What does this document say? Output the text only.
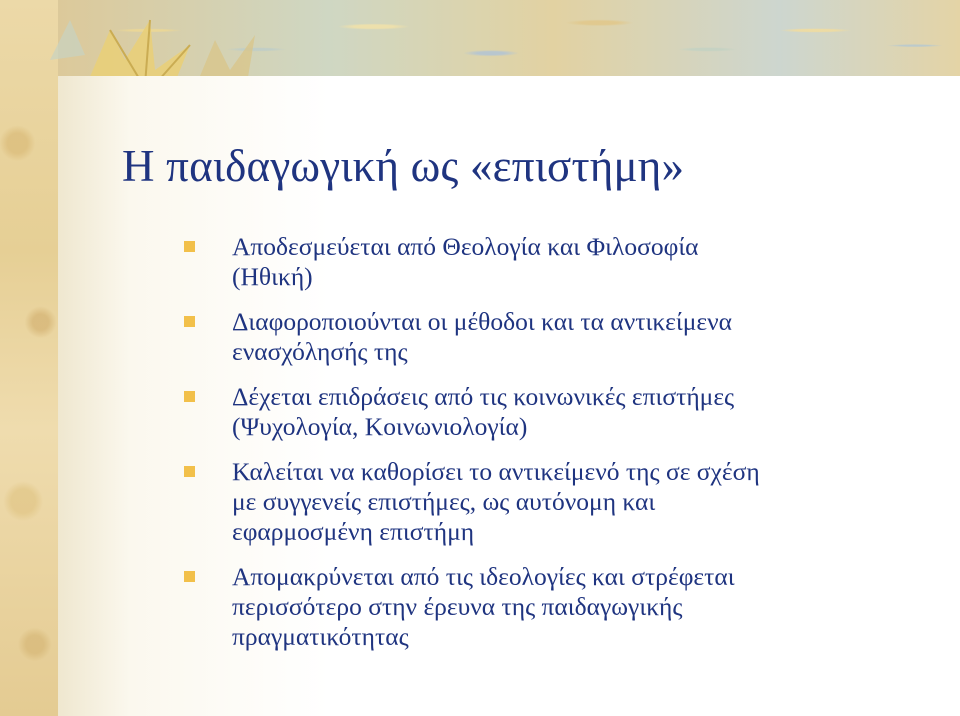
Η παιδαγωγική ως «επιστήμη»
Αποδεσμεύεται από Θεολογία και Φιλοσοφία
(Ηθική)
Διαφοροποιούνται οι μέθοδοι και τα αντικείμενα
ενασχόλησής της
Δέχεται επιδράσεις από τις κοινωνικές επιστήμες
(Ψυχολογία, Κοινωνιολογία)
Καλείται να καθορίσει το αντικείμενό της σε σχέση
με συγγενείς επιστήμες, ως αυτόνομη και
εφαρμοσμένη επιστήμη
Απομακρύνεται από τις ιδεολογίες και στρέφεται
περισσότερο στην έρευνα της παιδαγωγικής
πραγματικότητας
